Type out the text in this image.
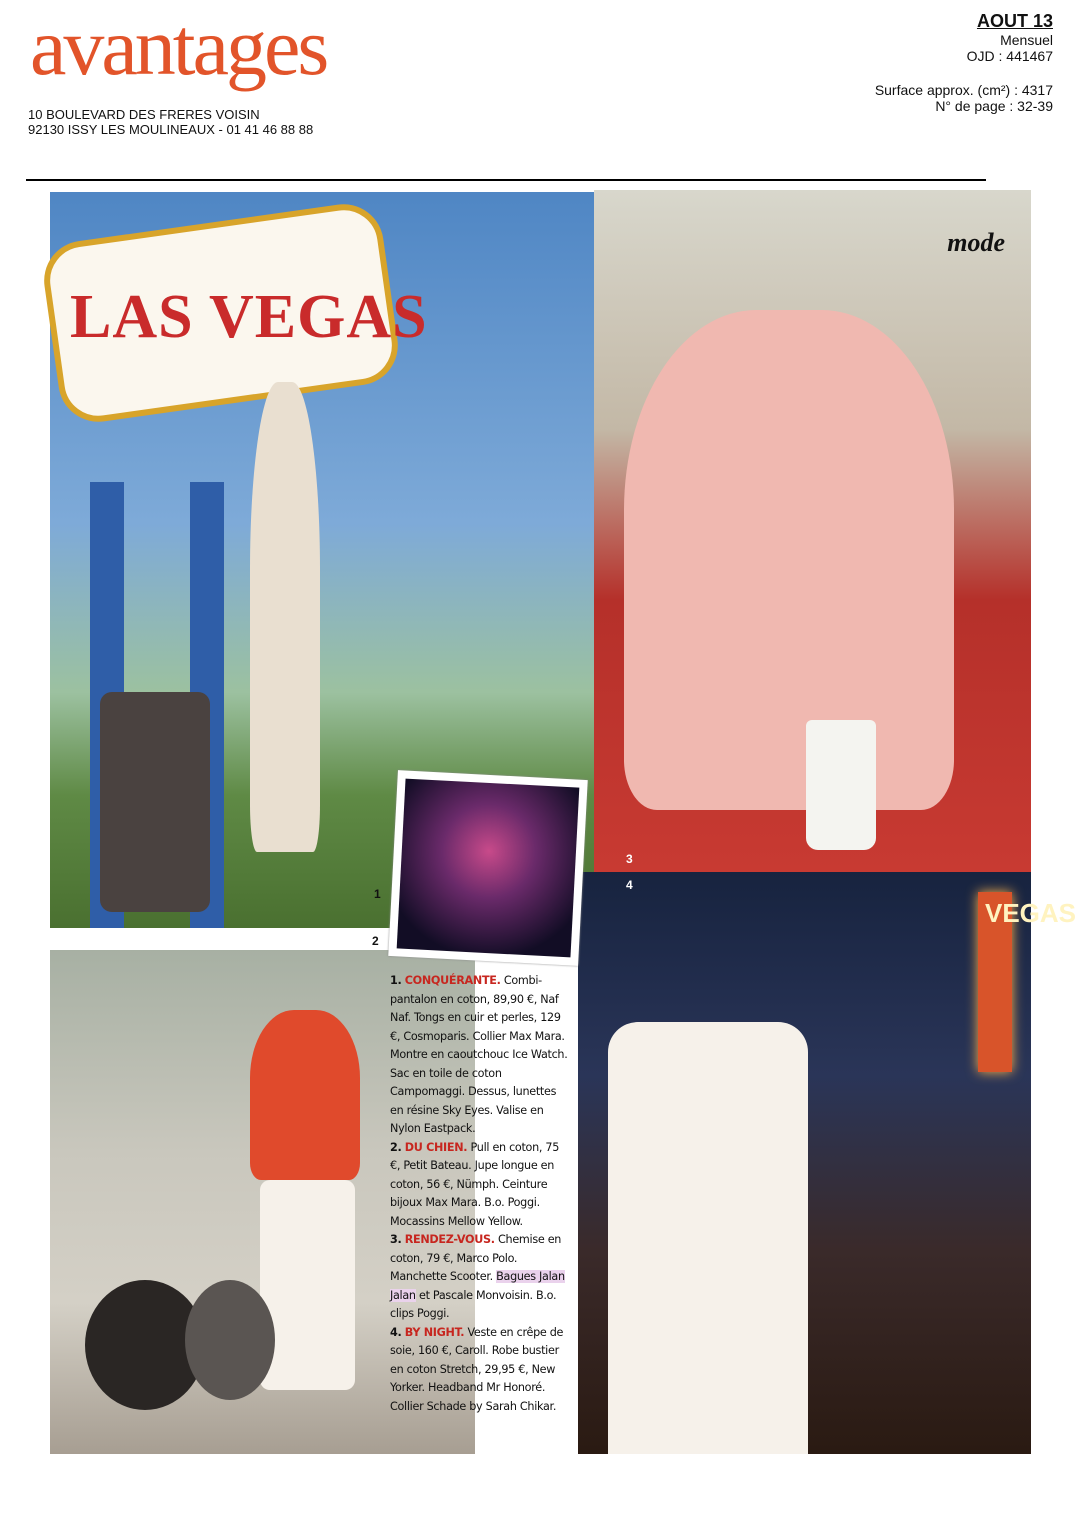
avantages
10 BOULEVARD DES FRERES VOISIN
92130 ISSY LES MOULINEAUX - 01 41 46 88 88
AOUT 13
Mensuel
OJD : 441467
Surface approx. (cm²) : 4317
N° de page : 32-39
LAS VEGAS
1
mode
3
2
VEGAS
4

1. CONQUÉRANTE. Combi-pantalon en coton, 89,90 €, Naf Naf. Tongs en cuir et perles, 129 €, Cosmoparis. Collier Max Mara. Montre en caoutchouc Ice Watch. Sac en toile de coton Campomaggi. Dessus, lunettes en résine Sky Eyes. Valise en Nylon Eastpack.

2. DU CHIEN. Pull en coton, 75 €, Petit Bateau. Jupe longue en coton, 56 €, Nümph. Ceinture bijoux Max Mara. B.o. Poggi. Mocassins Mellow Yellow.

3. RENDEZ-VOUS. Chemise en coton, 79 €, Marco Polo. Manchette Scooter. Bagues Jalan Jalan et Pascale Monvoisin. B.o. clips Poggi.

4. BY NIGHT. Veste en crêpe de soie, 160 €, Caroll. Robe bustier en coton Stretch, 29,95 €, New Yorker. Headband Mr Honoré. Collier Schade by Sarah Chikar.
